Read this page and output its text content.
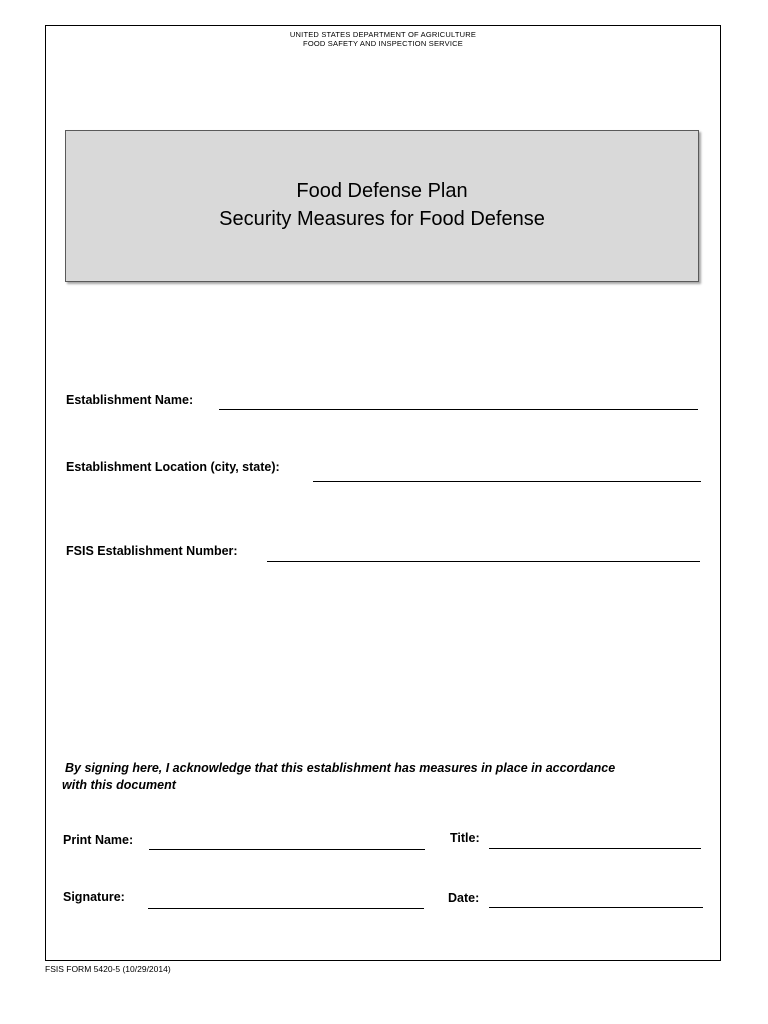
UNITED STATES DEPARTMENT OF AGRICULTURE
FOOD SAFETY AND INSPECTION SERVICE
Food Defense Plan
Security Measures for Food Defense
Establishment Name:
Establishment Location (city, state):
FSIS Establishment Number:
By signing here, I acknowledge that this establishment has measures in place in accordance
with this document
Print Name:	Title:
Signature:	Date:
FSIS FORM 5420-5 (10/29/2014)
